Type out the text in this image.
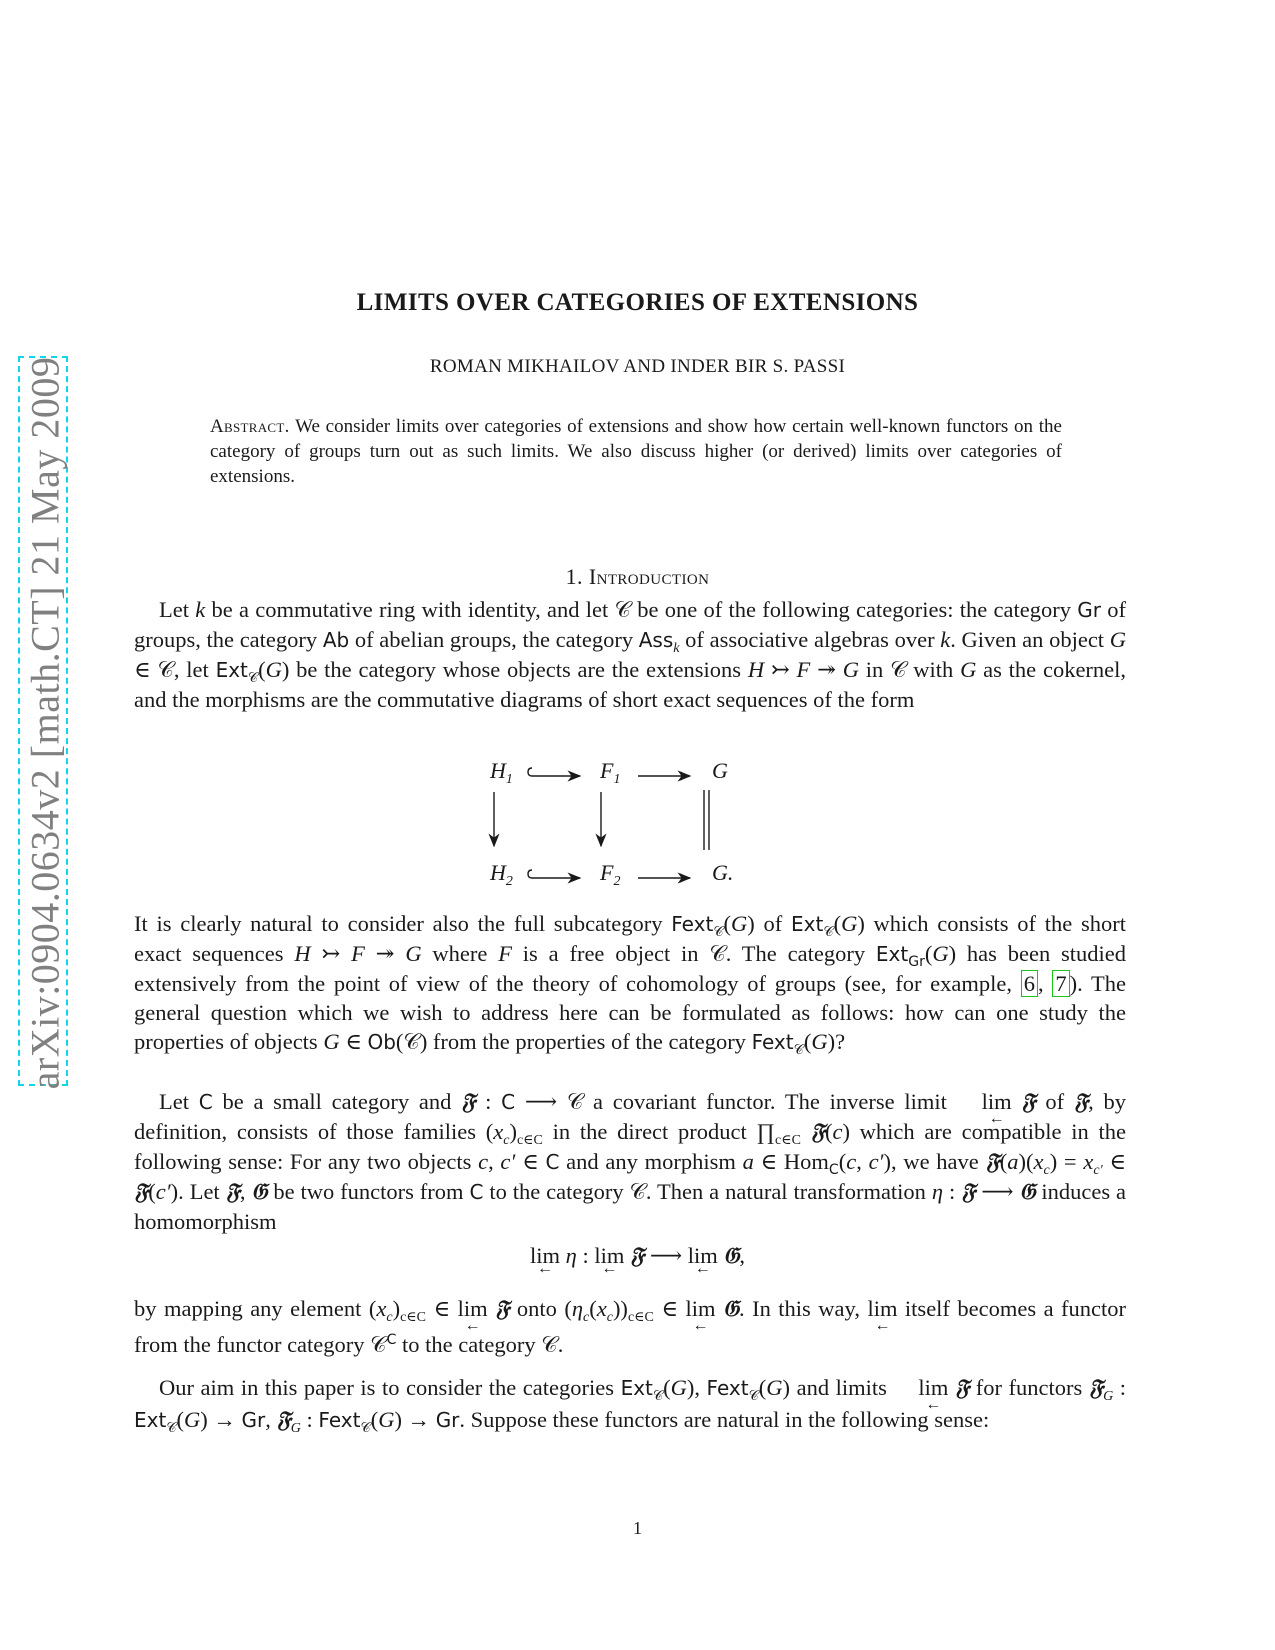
arXiv:0904.0634v2 [math.CT] 21 May 2009
LIMITS OVER CATEGORIES OF EXTENSIONS
ROMAN MIKHAILOV AND INDER BIR S. PASSI
Abstract. We consider limits over categories of extensions and show how certain well-known functors on the category of groups turn out as such limits. We also discuss higher (or derived) limits over categories of extensions.
1. Introduction
Let k be a commutative ring with identity, and let 𝒞 be one of the following categories: the category Gr of groups, the category Ab of abelian groups, the category Ass$_k$ of associative algebras over k. Given an object G ∈ 𝒞, let Ext$_𝒞$(G) be the category whose objects are the extensions H ↣ F ↠ G in 𝒞 with G as the cokernel, and the morphisms are the commutative diagrams of short exact sequences of the form
$H_1$	$F_1$	G
$H_2$	$F_2$	G.
It is clearly natural to consider also the full subcategory Fext$_𝒞$(G) of Ext$_𝒞$(G) which consists of the short exact sequences H ↣ F ↠ G where F is a free object in 𝒞. The category Ext$_{Gr}$(G) has been studied extensively from the point of view of the theory of cohomology of groups (see, for example, 6 , 7 ). The general question which we wish to address here can be formulated as follows: how can one study the properties of objects G ∈ Ob(𝒞) from the properties of the category Fext$_𝒞$(G)?
Let C be a small category and 𝔉 : C ⟶ 𝒞 a covariant functor. The inverse limit lim ← 𝔉 of 𝔉, by definition, consists of those families $(x_c)_{c\in C}$ in the direct product $\prod_{c\in C}$ 𝔉(c) which are compatible in the following sense: For any two objects c, c′ ∈ C and any morphism a ∈ Hom$_C$(c, c′), we have $𝔉(a)(x_c) = x_{c'}$ ∈ 𝔉(c′). Let 𝔉, 𝔊 be two functors from C to the category 𝒞. Then a natural transformation η : 𝔉 ⟶ 𝔊 induces a homomorphism
lim ← η : lim ← 𝔉 ⟶ lim ← 𝔊,
by mapping any element $(x_c)_{c\in C}$ ∈ lim ← 𝔉 onto $(\eta_c(x_c))_{c\in C}$ ∈ lim ← 𝔊. In this way, lim ← itself becomes a functor from the functor category 𝒞$^C$ to the category 𝒞.
Our aim in this paper is to consider the categories Ext$_𝒞$(G), Fext$_𝒞$(G) and limits lim ← 𝔉 for functors 𝔉$_G$ : Ext$_𝒞$(G) → Gr, 𝔉$_G$ : Fext$_𝒞$(G) → Gr. Suppose these functors are natural in the following sense:
1
